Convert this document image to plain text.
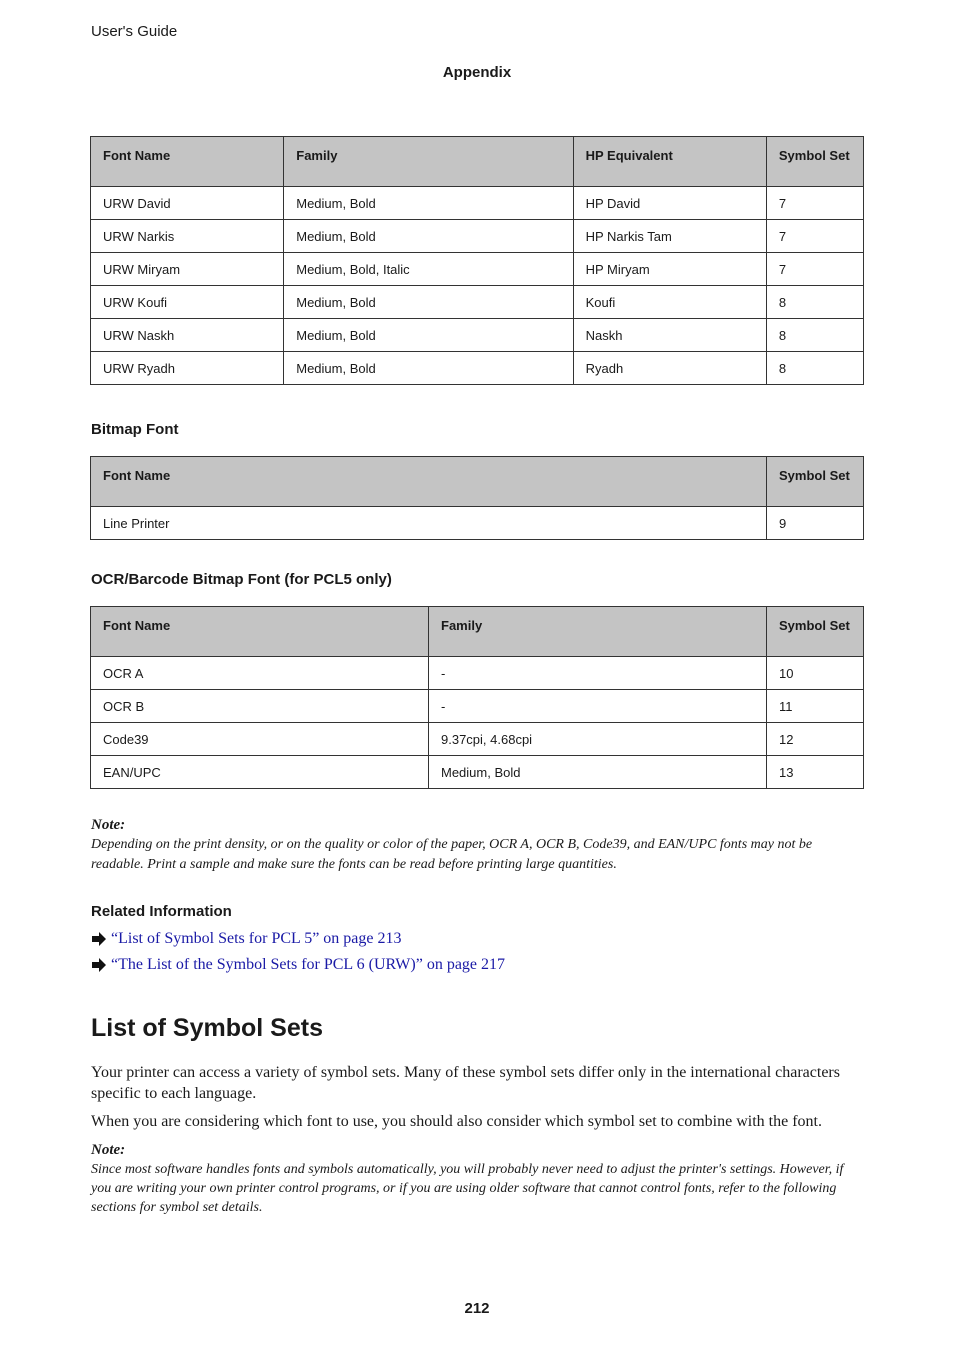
User's Guide
Appendix
Font Name	Family	HP Equivalent	Symbol Set
URW David	Medium, Bold	HP David	7
URW Narkis	Medium, Bold	HP Narkis Tam	7
URW Miryam	Medium, Bold, Italic	HP Miryam	7
URW Koufi	Medium, Bold	Koufi	8
URW Naskh	Medium, Bold	Naskh	8
URW Ryadh	Medium, Bold	Ryadh	8
Bitmap Font
Font Name	Symbol Set
Line Printer	9
OCR/Barcode Bitmap Font (for PCL5 only)
Font Name	Family	Symbol Set
OCR A	-	10
OCR B	-	11
Code39	9.37cpi, 4.68cpi	12
EAN/UPC	Medium, Bold	13
Note:
Depending on the print density, or on the quality or color of the paper, OCR A, OCR B, Code39, and EAN/UPC fonts may not be readable. Print a sample and make sure the fonts can be read before printing large quantities.
Related Information
“List of Symbol Sets for PCL 5” on page 213
“The List of the Symbol Sets for PCL 6 (URW)” on page 217
List of Symbol Sets
Your printer can access a variety of symbol sets. Many of these symbol sets differ only in the international characters specific to each language.
When you are considering which font to use, you should also consider which symbol set to combine with the font.
Note:
Since most software handles fonts and symbols automatically, you will probably never need to adjust the printer's settings. However, if you are writing your own printer control programs, or if you are using older software that cannot control fonts, refer to the following sections for symbol set details.
212
